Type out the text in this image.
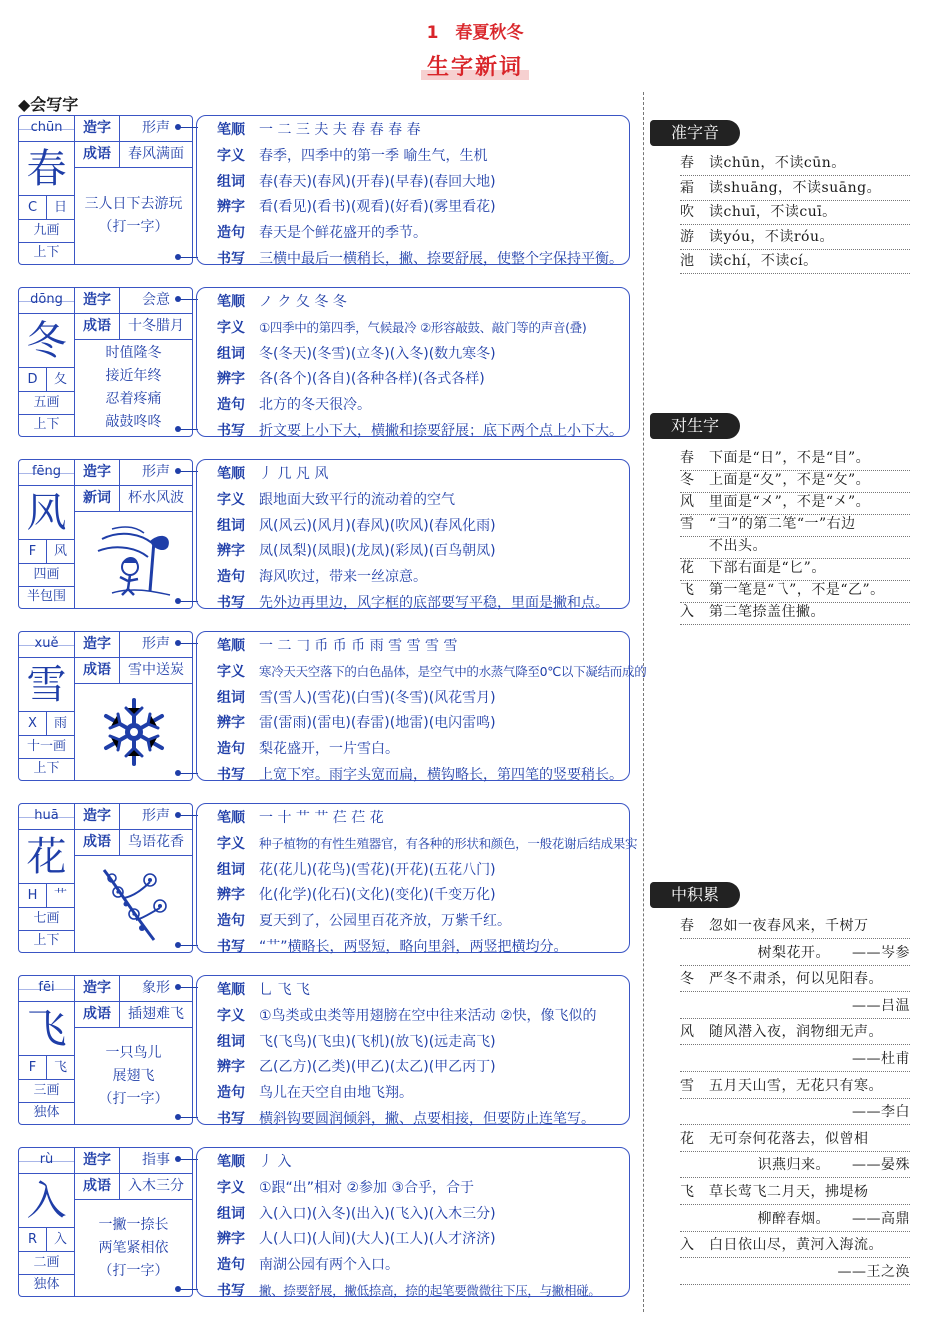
1　春夏秋冬
生字新词
◆会写字
chūn
春
C	日
九画
上下
造字	形声
成语	春风满面
三人日下去游玩
（打一字）
笔顺 一 二 三 夫 夫 春 春 春 春
字义 春季，四季中的第一季 喻生气，生机
组词 春(春天)(春风)(开春)(早春)(春回大地)
辨字 看(看见)(看书)(观看)(好看)(雾里看花)
造句 春天是个鲜花盛开的季节。
书写 三横中最后一横稍长，撇、捺要舒展，使整个字保持平衡。
dōng
冬
D	夂
五画
上下
造字	会意
成语	十冬腊月
时值隆冬
接近年终
忍着疼痛
敲鼓咚咚
笔顺 ノ ク 夂 冬 冬
字义 ①四季中的第四季，气候最冷 ②形容敲鼓、敲门等的声音(叠)
组词 冬(冬天)(冬雪)(立冬)(入冬)(数九寒冬)
辨字 各(各个)(各自)(各种各样)(各式各样)
造句 北方的冬天很冷。
书写 折文要上小下大，横撇和捺要舒展；底下两个点上小下大。
fēng
风
F	风
四画
半包围
造字	形声
新词	杯水风波
笔顺 丿 几 凡 风
字义 跟地面大致平行的流动着的空气
组词 风(风云)(风月)(春风)(吹风)(春风化雨)
辨字 凤(凤梨)(凤眼)(龙凤)(彩凤)(百鸟朝凤)
造句 海风吹过，带来一丝凉意。
书写 先外边再里边，风字框的底部要写平稳，里面是撇和点。
xuě
雪
X	雨
十一画
上下
造字	形声
成语	雪中送炭
笔顺 一 二 𠃌 币 币 币 雨 雪 雪 雪 雪
字义 寒冷天天空落下的白色晶体，是空气中的水蒸气降至0℃以下凝结而成的
组词 雪(雪人)(雪花)(白雪)(冬雪)(风花雪月)
辨字 雷(雷雨)(雷电)(春雷)(地雷)(电闪雷鸣)
造句 梨花盛开，一片雪白。
书写 上宽下窄。雨字头宽而扁，横钩略长，第四笔的竖要稍长。
huā
花
H	艹
七画
上下
造字	形声
成语	鸟语花香
笔顺 一 十 艹 艹 芢 芢 花
字义 种子植物的有性生殖器官，有各种的形状和颜色，一般花谢后结成果实
组词 花(花儿)(花鸟)(雪花)(开花)(五花八门)
辨字 化(化学)(化石)(文化)(变化)(千变万化)
造句 夏天到了，公园里百花齐放，万紫千红。
书写 “艹”横略长，两竖短，略向里斜，两竖把横均分。
fēi
飞
F	飞
三画
独体
造字	象形
成语	插翅难飞
一只鸟儿
展翅飞
（打一字）
笔顺 乚 飞 飞
字义 ①鸟类或虫类等用翅膀在空中往来活动 ②快，像飞似的
组词 飞(飞鸟)(飞虫)(飞机)(放飞)(远走高飞)
辨字 乙(乙方)(乙类)(甲乙)(太乙)(甲乙丙丁)
造句 鸟儿在天空自由地飞翔。
书写 横斜钩要圆润倾斜，撇、点要相接，但要防止连笔写。
rù
入
R	入
二画
独体
造字	指事
成语	入木三分
一撇一捺长
两笔紧相依
（打一字）
笔顺 丿 入
字义 ①跟“出”相对 ②参加 ③合乎，合于
组词 入(入口)(入冬)(出入)(飞入)(入木三分)
辨字 人(人口)(人间)(大人)(工人)(人才济济)
造句 南湖公园有两个入口。
书写 撇、捺要舒展，撇低捺高，捺的起笔要微微往下压，与撇相碰。
准字音
春　读chūn，不读cūn。
霜　读shuāng，不读suāng。
吹　读chuī，不读cuī。
游　读yóu，不读róu。
池　读chí，不读cí。
对生字
春　下面是“日”，不是“目”。
冬　上面是“夂”，不是“攵”。
风　里面是“㐅”，不是“㐅”。
雪　“彐”的第二笔“一”右边
　　不出头。
花　下部右面是“匕”。
飞　第一笔是“乁”，不是“乙”。
入　第二笔捺盖住撇。
中积累
春　忽如一夜春风来，千树万
树梨花开。　　——岑参
冬　严冬不肃杀，何以见阳春。
——吕温
风　随风潜入夜，润物细无声。
——杜甫
雪　五月天山雪，无花只有寒。
——李白
花　无可奈何花落去，似曾相
识燕归来。　　——晏殊
飞　草长莺飞二月天，拂堤杨
柳醉春烟。　　——高鼎
入　白日依山尽，黄河入海流。
——王之涣
